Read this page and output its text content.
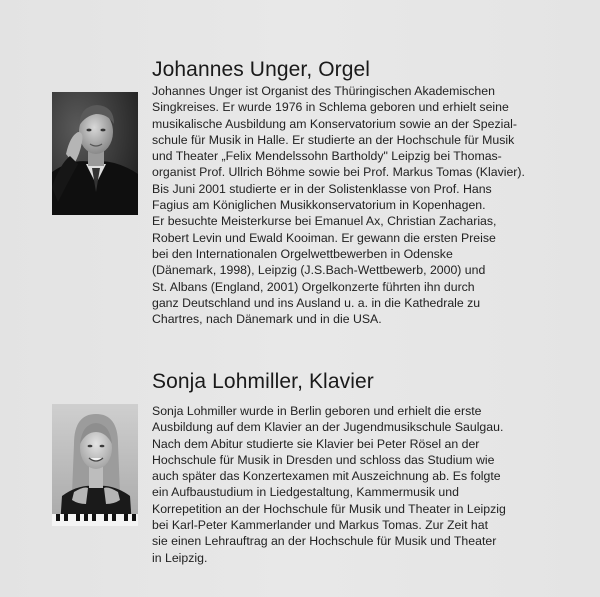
Johannes Unger, Orgel
Johannes Unger ist Organist des Thüringischen Akademischen
Singkreises. Er wurde 1976 in Schlema geboren und erhielt seine
musikalische Ausbildung am Konservatorium sowie an der Spezial-
schule für Musik in Halle. Er studierte an der Hochschule für Musik
und Theater „Felix Mendelssohn Bartholdy" Leipzig bei Thomas-
organist Prof. Ullrich Böhme sowie bei Prof. Markus Tomas (Klavier).
Bis Juni 2001 studierte er in der Solistenklasse von Prof. Hans
Fagius am Königlichen Musikkonservatorium in Kopenhagen.
Er besuchte Meisterkurse bei Emanuel Ax, Christian Zacharias,
Robert Levin und Ewald Kooiman. Er gewann die ersten Preise
bei den Internationalen Orgelwettbewerben in Odenske
(Dänemark, 1998), Leipzig (J.S.Bach-Wettbewerb, 2000) und
St. Albans (England, 2001) Orgelkonzerte führten ihn durch
ganz Deutschland und ins Ausland u. a. in die Kathedrale zu
Chartres, nach Dänemark und in die USA.
Sonja Lohmiller, Klavier
Sonja Lohmiller wurde in Berlin geboren und erhielt die erste
Ausbildung auf dem Klavier an der Jugendmusikschule Saulgau.
Nach dem Abitur studierte sie Klavier bei Peter Rösel an der
Hochschule für Musik in Dresden und schloss das Studium wie
auch später das Konzertexamen mit Auszeichnung ab. Es folgte
ein Aufbaustudium in Liedgestaltung, Kammermusik und
Korrepetition an der Hochschule für Musik und Theater in Leipzig
bei Karl-Peter Kammerlander und Markus Tomas. Zur Zeit hat
sie einen Lehrauftrag an der Hochschule für Musik und Theater
in Leipzig.
